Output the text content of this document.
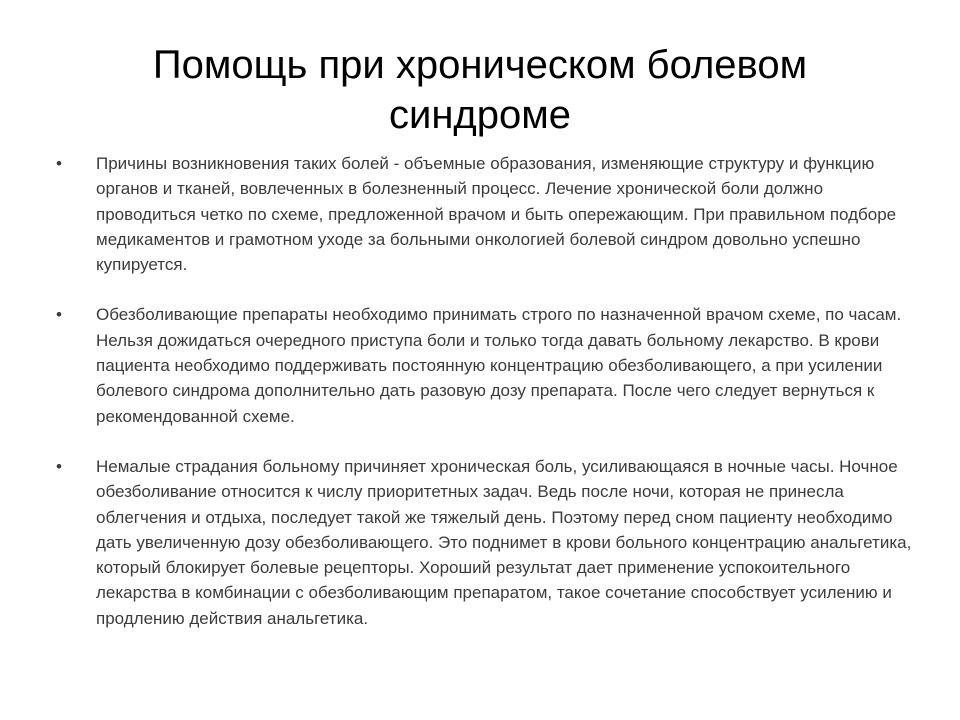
Помощь при хроническом болевом синдроме
• Причины возникновения таких болей - объемные образования, изменяющие структуру и функцию органов и тканей, вовлеченных в болезненный процесс. Лечение хронической боли должно проводиться четко по схеме, предложенной врачом и быть опережающим. При правильном подборе медикаментов и грамотном уходе за больными онкологией болевой синдром довольно успешно купируется.
• Обезболивающие препараты необходимо принимать строго по назначенной врачом схеме, по часам. Нельзя дожидаться очередного приступа боли и только тогда давать больному лекарство. В крови пациента необходимо поддерживать постоянную концентрацию обезболивающего, а при усилении болевого синдрома дополнительно дать разовую дозу препарата. После чего следует вернуться к рекомендованной схеме.
• Немалые страдания больному причиняет хроническая боль, усиливающаяся в ночные часы. Ночное обезболивание относится к числу приоритетных задач. Ведь после ночи, которая не принесла облегчения и отдыха, последует такой же тяжелый день. Поэтому перед сном пациенту необходимо дать увеличенную дозу обезболивающего. Это поднимет в крови больного концентрацию анальгетика, который блокирует болевые рецепторы. Хороший результат дает применение успокоительного лекарства в комбинации с обезболивающим препаратом, такое сочетание способствует усилению и продлению действия анальгетика.
